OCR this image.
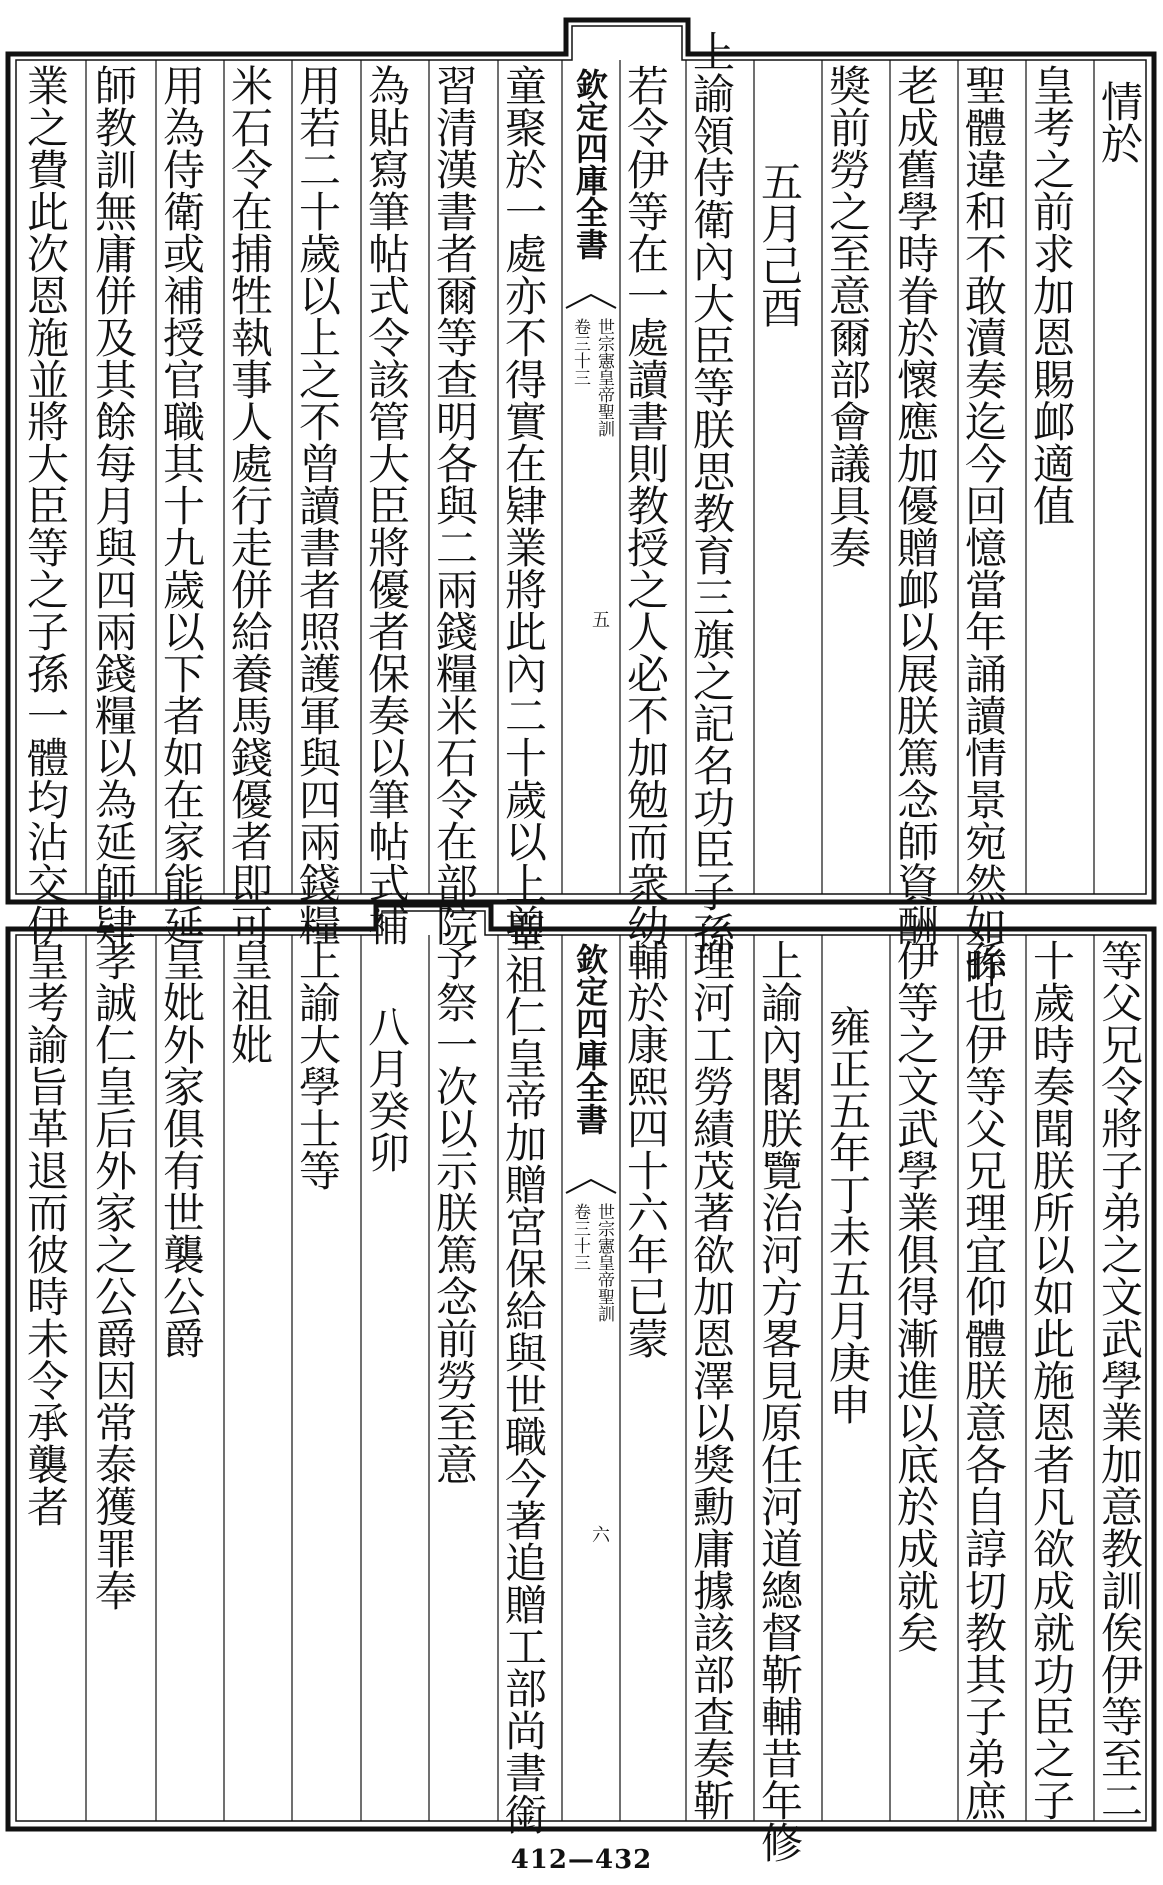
情於
皇考之前求加恩賜䘏適值
聖體違和不敢瀆奏迄今回憶當年誦讀情景宛然如昨
老成舊學時眷於懷應加優贈䘏以展朕篤念師資酬
獎前勞之至意爾部會議具奏
五月己酉
上諭領侍衛內大臣等朕思教育三旗之記名功臣子孫
若令伊等在一處讀書則教授之人必不加勉而衆幼
欽定四庫全書
世宗憲皇帝聖訓
卷三十三
五
童聚於一處亦不得實在肄業將此內二十歲以上曾
習清漢書者爾等查明各與二兩錢糧米石令在部院
為貼寫筆帖式令該管大臣將優者保奏以筆帖式補
用若二十歲以上之不曾讀書者照護軍與四兩錢糧
米石令在捕牲執事人處行走併給養馬錢優者即可
用為侍衛或補授官職其十九歲以下者如在家能延
師教訓無庸併及其餘每月與四兩錢糧以為延師肄
業之費此次恩施並將大臣等之子孫一體均沾交伊
等父兄令將子弟之文武學業加意教訓俟伊等至二
十歲時奏聞朕所以如此施恩者凡欲成就功臣之子
孫也伊等父兄理宜仰體朕意各自諄切教其子弟庶
伊等之文武學業俱得漸進以底於成就矣
雍正五年丁未五月庚申
上諭內閣朕覽治河方畧見原任河道總督靳輔昔年修
理河工勞績茂著欲加恩澤以獎勳庸據該部查奏靳
輔於康熙四十六年已蒙
欽定四庫全書
世宗憲皇帝聖訓
卷三十三
六
聖祖仁皇帝加贈宮保給與世職今著追贈工部尚書銜
予祭一次以示朕篤念前勞至意
八月癸卯
上諭大學士等
皇祖妣
皇妣外家俱有世襲公爵
孝誠仁皇后外家之公爵因常泰獲罪奉
皇考諭旨革退而彼時未令承襲者
412—432
